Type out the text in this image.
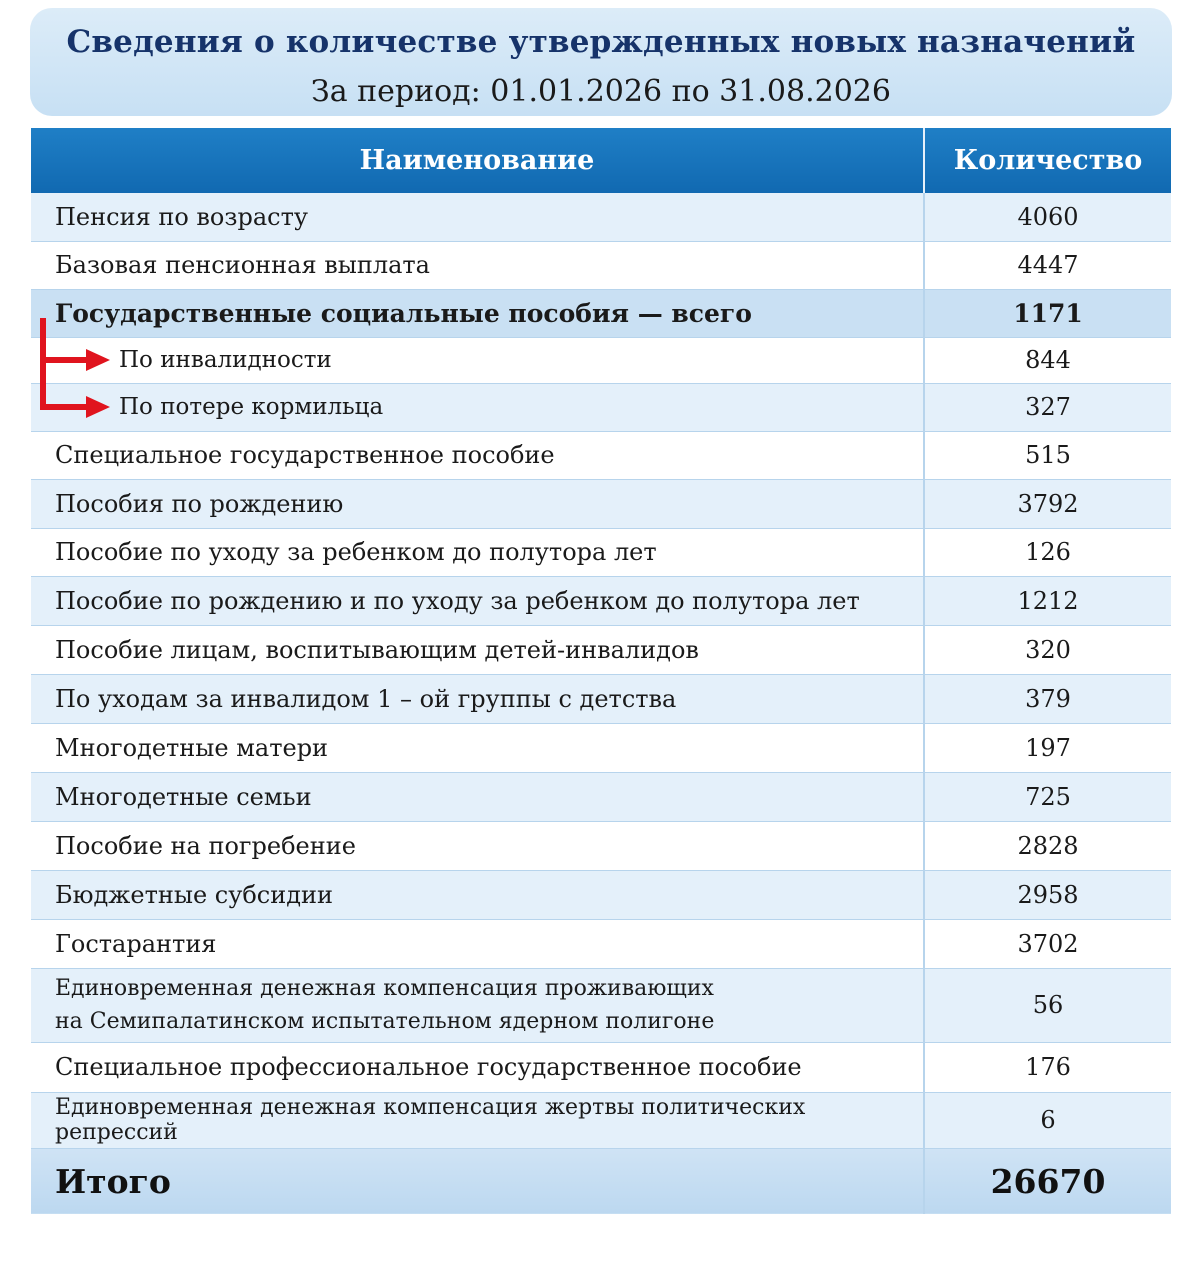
Сведения о количестве утвержденных новых назначений
За период: 01.01.2026 по 31.08.2026
Наименование	Количество
Пенсия по возрасту	4060
Базовая пенсионная выплата	4447
Государственные социальные пособия — всего	1171
По инвалидности	844
По потере кормильца	327
Специальное государственное пособие	515
Пособия по рождению	3792
Пособие по уходу за ребенком до полутора лет	126
Пособие по рождению и по уходу за ребенком до полутора лет	1212
Пособие лицам, воспитывающим детей-инвалидов	320
По уходам за инвалидом 1 – ой группы с детства	379
Многодетные матери	197
Многодетные семьи	725
Пособие на погребение	2828
Бюджетные субсидии	2958
Гостарантия	3702

Единовременная денежная компенсация проживающих
на Семипалатинском испытательном ядерном полигоне	56
Специальное профессиональное государственное пособие	176
Единовременная денежная компенсация жертвы политических репрессий	6
Итого	26670
